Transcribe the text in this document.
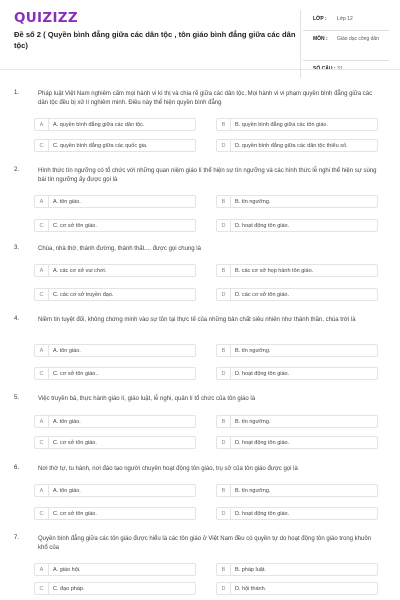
QUIZIZZ
Đề số 2 ( Quyền bình đẳng giữa các dân tộc , tôn giáo bình đẳng giữa các dân tộc)
LỚP :	Lớp 12
MÔN :	Giáo dục công dân
1.	Pháp luật Việt Nam nghiêm cấm mọi hành vi kì thị và chia rẽ giữa các dân tộc. Mọi hành vi vi phạm quyền bình đẳng giữa các dân tộc đều bị xử lí nghiêm minh. Điều này thể hiện quyền bình đẳng
A	A. quyền bình đẳng giữa các dân tộc.	B	B. quyền bình đẳng giữa các tôn giáo.
C	C. quyền bình đẳng giữa các quốc gia.	D	D. quyền bình đẳng giữa các dân tộc thiểu số.
2.	Hình thức tín ngưỡng có tổ chức với những quan niệm giáo lí thể hiện sự tín ngưỡng và các hình thức lễ nghi thể hiện sự sùng bái tín ngưỡng ấy được gọi là
A	A. tôn giáo.	B	B. tín ngưỡng.
C	C. cơ sở tôn giáo.	D	D. hoạt động tôn giáo.
3.	Chùa, nhà thờ, thánh đường, thánh thất.... được gọi chung là
A	A. các cơ sở vui chơi.	B	B. các cơ sở họp hành tôn giáo.
C	C. các cơ sở truyền đạo.	D	D. các cơ sở tôn giáo.
4.	Niềm tin tuyệt đối, không chứng minh vào sự tồn tại thực tế của những bản chất siêu nhiên như thánh thần, chúa trời là
A	A. tôn giáo.	B	B. tín ngưỡng.
C	C. cơ sở tôn giáo..	D	D. hoạt động tôn giáo.
5.	Việc truyền bá, thực hành giáo lí, giáo luật, lễ nghi, quản lí tổ chức của tôn giáo là
A	A. tôn giáo.	B	B. tín ngưỡng.
C	C. cơ sở tôn giáo.	D	D. hoạt động tôn giáo.
6.	Nơi thờ tự, tu hành, nơi đào tạo người chuyên hoạt động tôn giáo, trụ sở của tôn giáo được gọi là
A	A. tôn giáo.	B	B. tín ngưỡng.
C	C. cơ sở tôn giáo.	D	D. hoạt động tôn giáo.
7.	Quyền bình đẳng giữa các tôn giáo được hiểu là các tôn giáo ở Việt Nam đều có quyền tự do hoạt động tôn giáo trong khuôn khổ của
A	A. giáo hội.	B	B. pháp luật.
C	C. đạo pháp.	D	D. hội thánh.
